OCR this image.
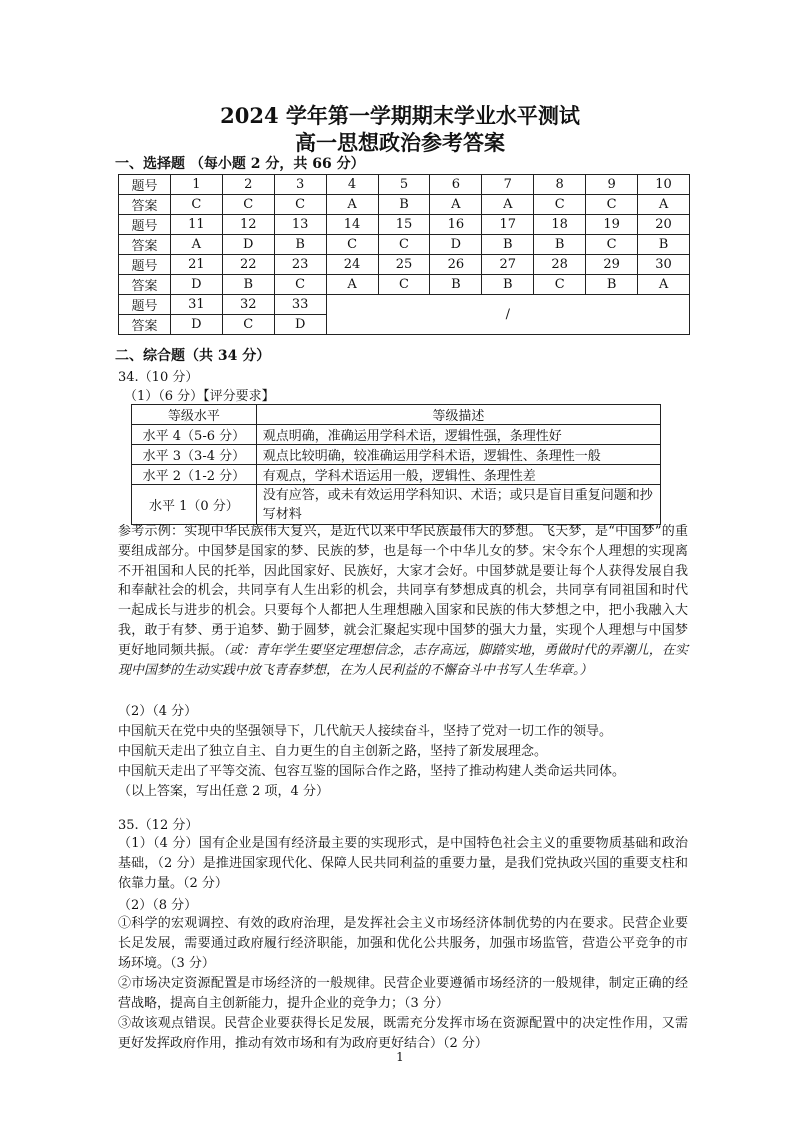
2024 学年第一学期期末学业水平测试
高一思想政治参考答案
一、选择题 （每小题 2 分，共 66 分）
题号	1	2	3	4	5	6	7	8	9	10
答案	C	C	C	A	B	A	A	C	C	A
题号	11	12	13	14	15	16	17	18	19	20
答案	A	D	B	C	C	D	B	B	C	B
题号	21	22	23	24	25	26	27	28	29	30
答案	D	B	C	A	C	B	B	C	B	A
题号	31	32	33	/						
答案	D	C	D							
二、综合题（共 34 分）
34.（10 分）
（1）（6 分）【评分要求】
等级水平	等级描述
水平 4（5-6 分）	观点明确，准确运用学科术语，逻辑性强，条理性好
水平 3（3-4 分）	观点比较明确，较准确运用学科术语，逻辑性、条理性一般
水平 2（1-2 分）	有观点，学科术语运用一般，逻辑性、条理性差
水平 1（0 分）	没有应答，或未有效运用学科知识、术语；或只是盲目重复问题和抄写材料
参考示例：实现中华民族伟大复兴，是近代以来中华民族最伟大的梦想。飞天梦，是“中国梦”的重要组成部分。中国梦是国家的梦、民族的梦，也是每一个中华儿女的梦。宋令东个人理想的实现离不开祖国和人民的托举，因此国家好、民族好，大家才会好。中国梦就是要让每个人获得发展自我和奉献社会的机会，共同享有人生出彩的机会，共同享有梦想成真的机会，共同享有同祖国和时代一起成长与进步的机会。只要每个人都把人生理想融入国家和民族的伟大梦想之中，把小我融入大我，敢于有梦、勇于追梦、勤于圆梦，就会汇聚起实现中国梦的强大力量，实现个人理想与中国梦更好地同频共振。（或：青年学生要坚定理想信念，志存高远，脚踏实地，勇做时代的弄潮儿，在实现中国梦的生动实践中放飞青春梦想，在为人民利益的不懈奋斗中书写人生华章。）
（2）（4 分）
中国航天在党中央的坚强领导下，几代航天人接续奋斗，坚持了党对一切工作的领导。
中国航天走出了独立自主、自力更生的自主创新之路，坚持了新发展理念。
中国航天走出了平等交流、包容互鉴的国际合作之路，坚持了推动构建人类命运共同体。
（以上答案，写出任意 2 项，4 分）
35.（12 分）
（1）（4 分）国有企业是国有经济最主要的实现形式，是中国特色社会主义的重要物质基础和政治基础，（2 分）是推进国家现代化、保障人民共同利益的重要力量，是我们党执政兴国的重要支柱和依靠力量。（2 分）
（2）（8 分）
①科学的宏观调控、有效的政府治理，是发挥社会主义市场经济体制优势的内在要求。民营企业要长足发展，需要通过政府履行经济职能，加强和优化公共服务，加强市场监管，营造公平竞争的市场环境。（3 分）
②市场决定资源配置是市场经济的一般规律。民营企业要遵循市场经济的一般规律，制定正确的经营战略，提高自主创新能力，提升企业的竞争力；（3 分）
③故该观点错误。民营企业要获得长足发展，既需充分发挥市场在资源配置中的决定性作用，又需更好发挥政府作用，推动有效市场和有为政府更好结合）（2 分）
1
